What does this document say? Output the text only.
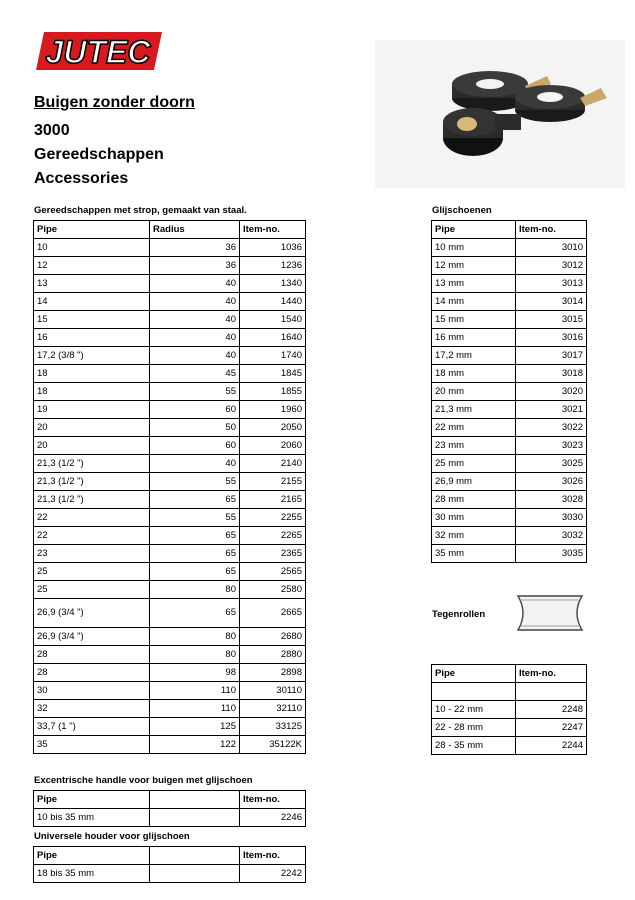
JUTEC
Buigen zonder doorn
3000
Gereedschappen
Accessories
Gereedschappen met strop, gemaakt van staal.
Pipe	Radius	Item-no.
10	36	1036
12	36	1236
13	40	1340
14	40	1440
15	40	1540
16	40	1640
17,2 (3/8 ")	40	1740
18	45	1845
18	55	1855
19	60	1960
20	50	2050
20	60	2060
21,3 (1/2 ")	40	2140
21,3 (1/2 ")	55	2155
21,3 (1/2 ")	65	2165
22	55	2255
22	65	2265
23	65	2365
25	65	2565
25	80	2580
26,9 (3/4 ")	65	2665
26,9 (3/4 ")	80	2680
28	80	2880
28	98	2898
30	110	30110
32	110	32110
33,7 (1 ")	125	33125
35	122	35122K
Glijschoenen
Pipe	Item-no.
10 mm	3010
12 mm	3012
13 mm	3013
14 mm	3014
15 mm	3015
16 mm	3016
17,2 mm	3017
18 mm	3018
20 mm	3020
21,3 mm	3021
22 mm	3022
23 mm	3023
25 mm	3025
26,9 mm	3026
28 mm	3028
30 mm	3030
32 mm	3032
35 mm	3035
Tegenrollen
Pipe	Item-no.

10 - 22 mm	2248
22 - 28 mm	2247
28 - 35 mm	2244
Excentrische handle voor buigen met glijschoen
Pipe		Item-no.
10 bis 35 mm		2246
Universele houder voor glijschoen
Pipe		Item-no.
18 bis 35 mm		2242
